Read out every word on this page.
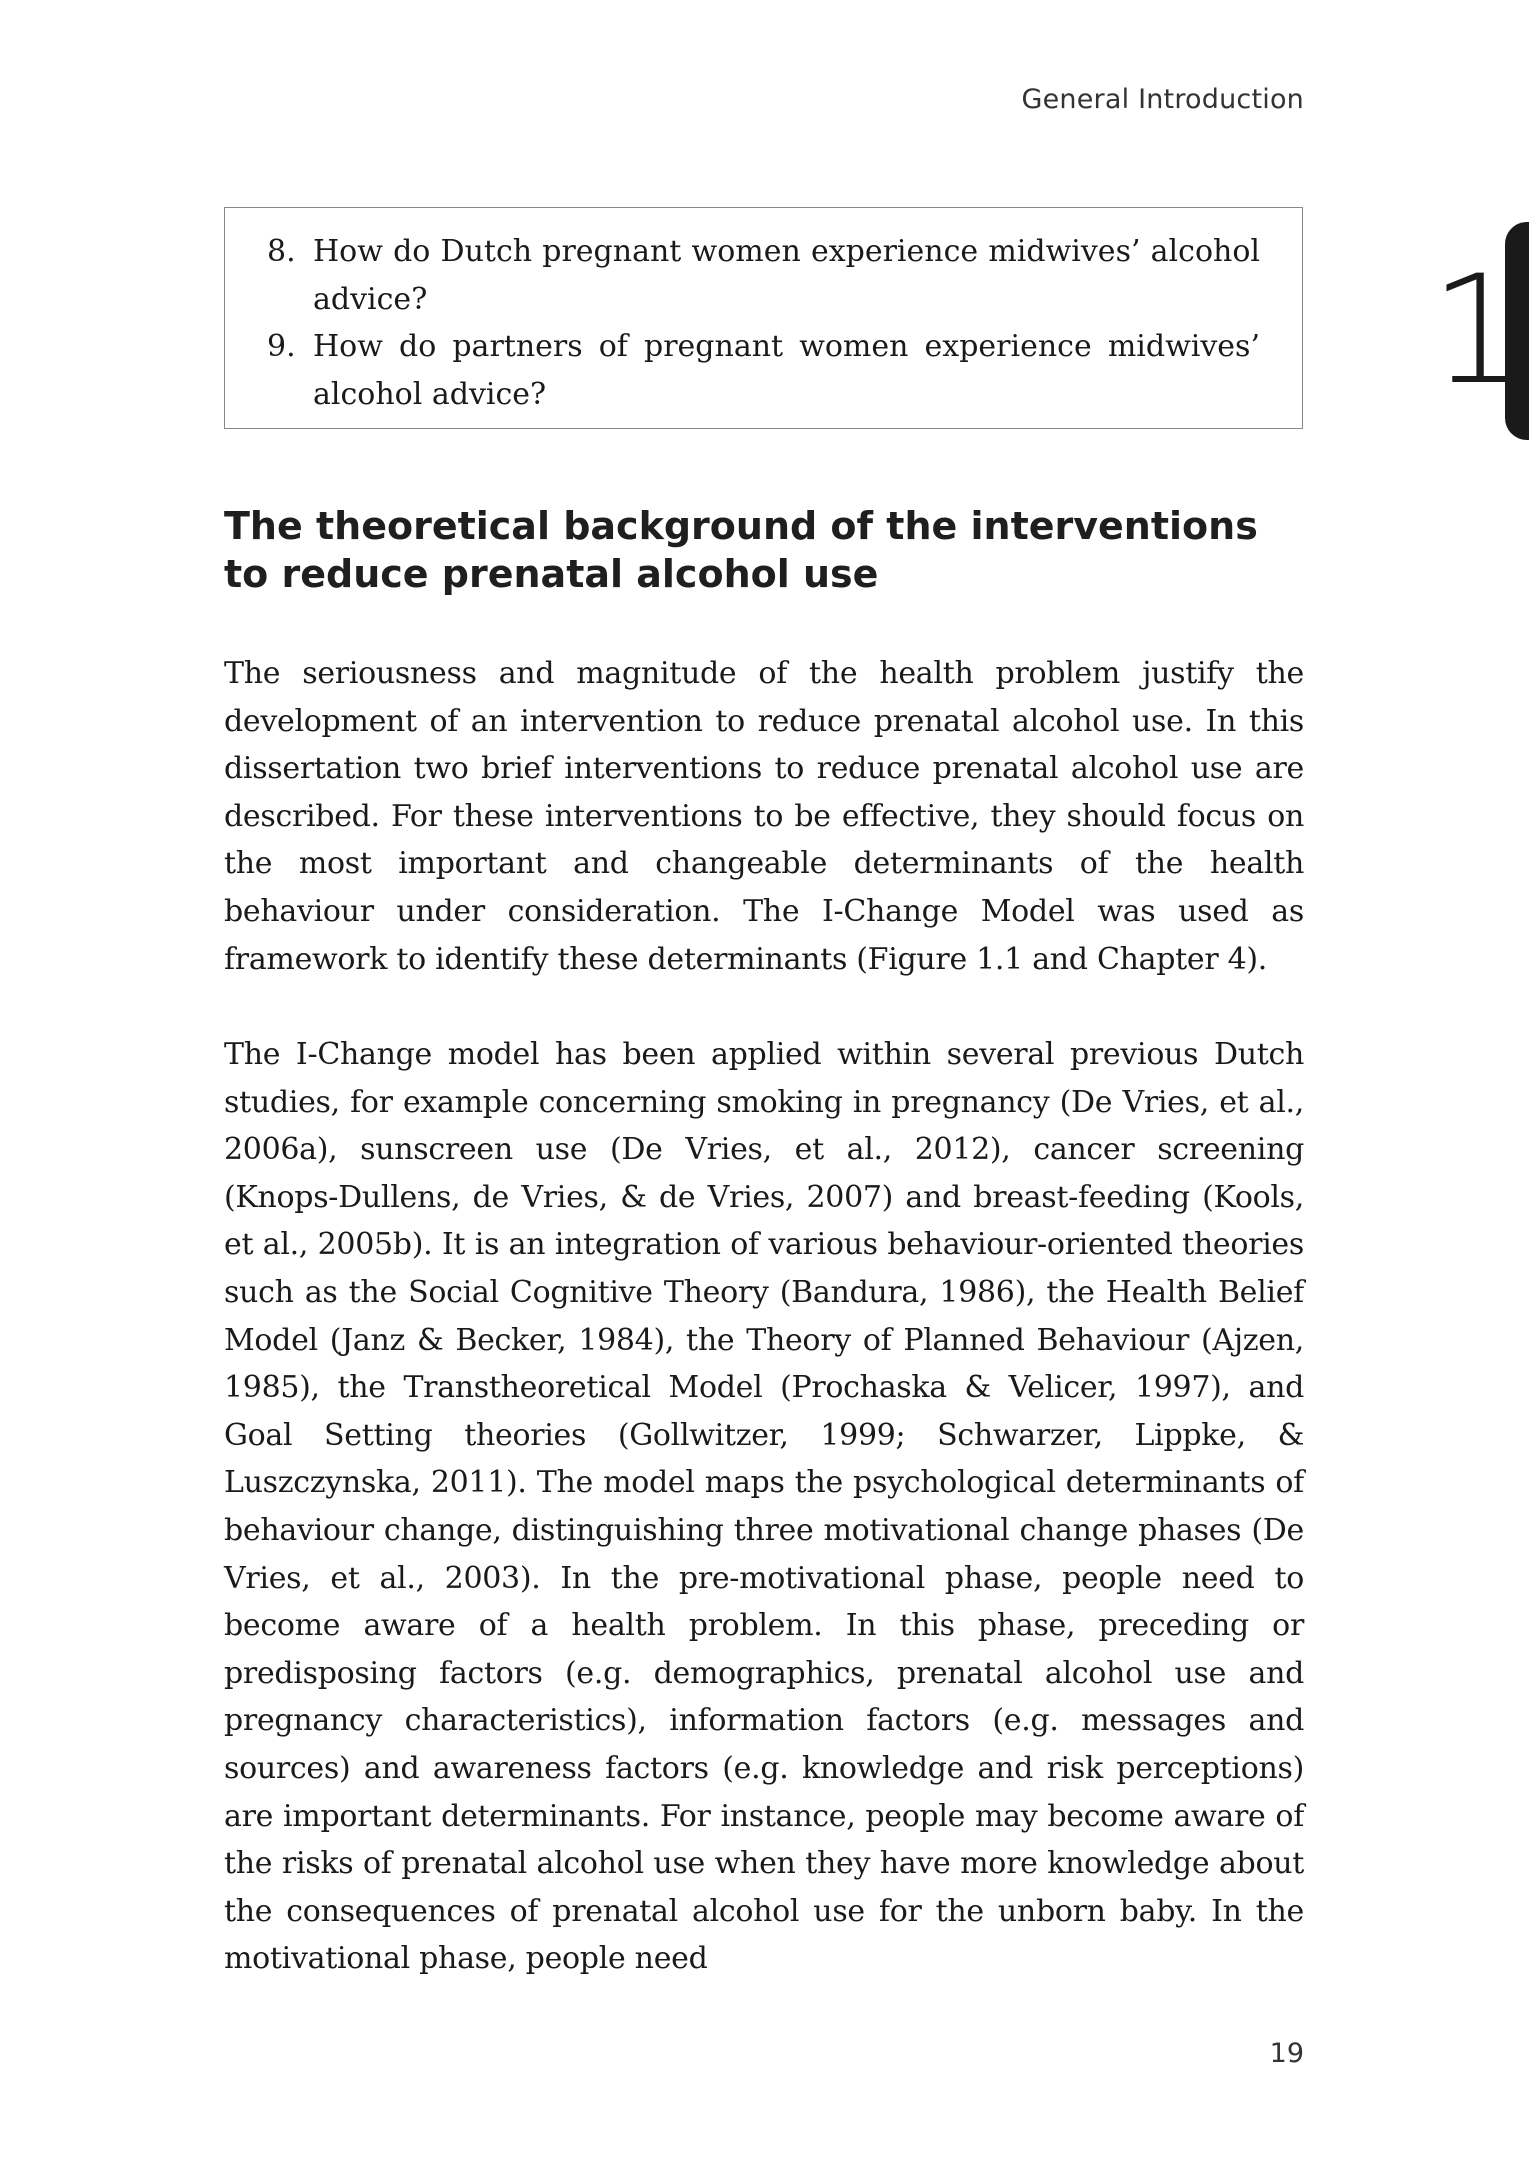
General Introduction
1
8. How do Dutch pregnant women experience midwives’ alcohol advice?
9. How do partners of pregnant women experience midwives’ alcohol advice?
The theoretical background of the interventions to reduce prenatal alcohol use

The seriousness and magnitude of the health problem justify the development of an intervention to reduce prenatal alcohol use. In this dissertation two brief interventions to reduce prenatal alcohol use are described. For these interventions to be effective, they should focus on the most important and changeable determinants of the health behaviour under consideration. The I-Change Model was used as framework to identify these determinants (Figure 1.1 and Chapter 4).

The I-Change model has been applied within several previous Dutch studies, for example concerning smoking in pregnancy (De Vries, et al., 2006a), sunscreen use (De Vries, et al., 2012), cancer screening (Knops-Dullens, de Vries, & de Vries, 2007) and breast-feeding (Kools, et al., 2005b). It is an integration of various behaviour-oriented theories such as the Social Cognitive Theory (Bandura, 1986), the Health Belief Model (Janz & Becker, 1984), the Theory of Planned Behaviour (Ajzen, 1985), the Transtheoretical Model (Prochaska & Velicer, 1997), and Goal Setting theories (Gollwitzer, 1999; Schwarzer, Lippke, & Luszczynska, 2011). The model maps the psychological determinants of behaviour change, distinguishing three motivational change phases (De Vries, et al., 2003). In the pre-motivational phase, people need to become aware of a health problem. In this phase, preceding or predisposing factors (e.g. demographics, prenatal alcohol use and pregnancy characteristics), information factors (e.g. messages and sources) and awareness factors (e.g. knowledge and risk perceptions) are important determinants. For instance, people may become aware of the risks of prenatal alcohol use when they have more knowledge about the consequences of prenatal alcohol use for the unborn baby. In the motivational phase, people need

19
